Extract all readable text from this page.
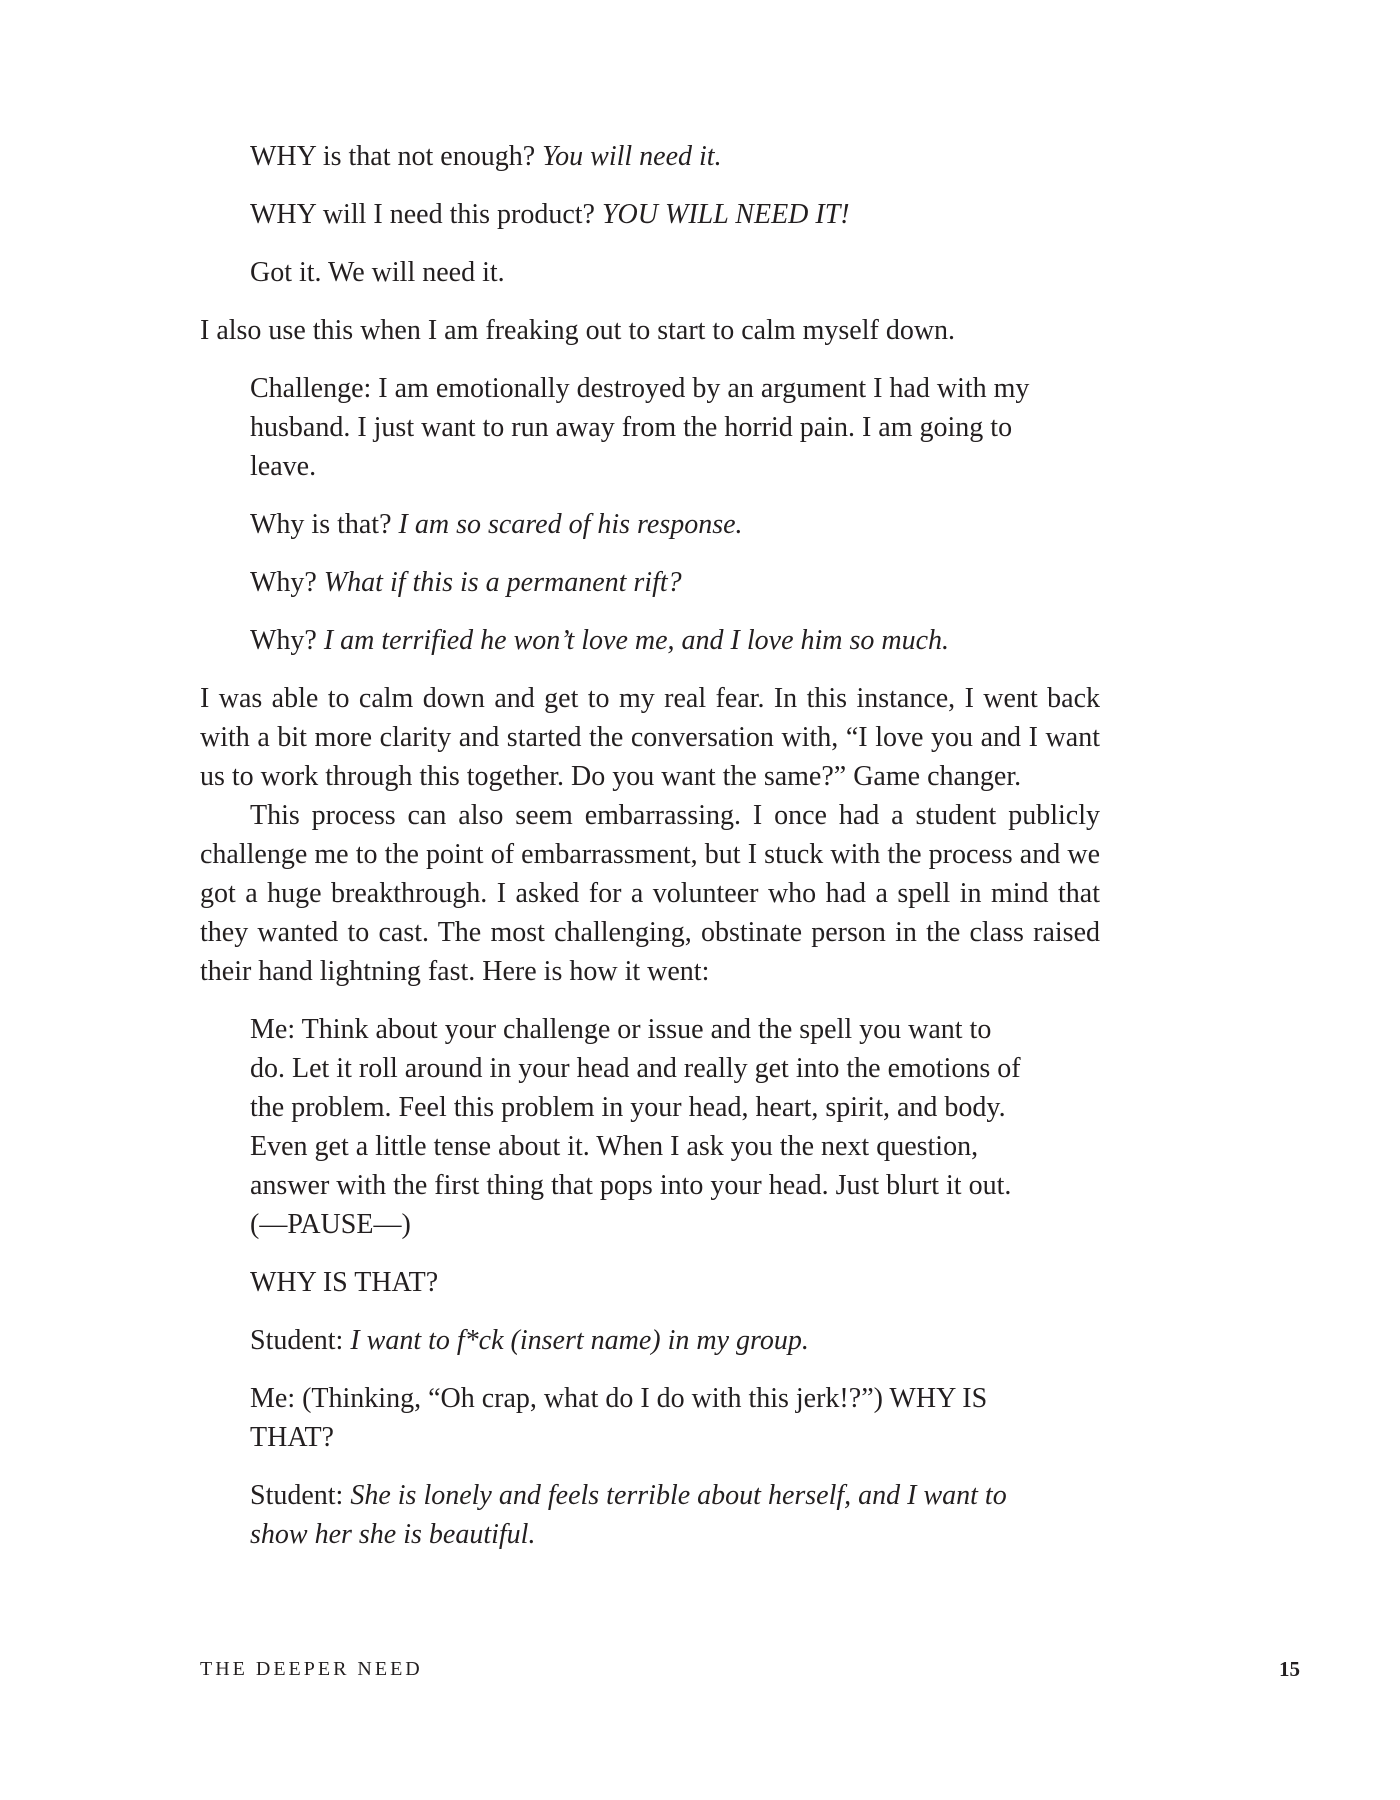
WHY is that not enough? You will need it.

WHY will I need this product? YOU WILL NEED IT!

Got it. We will need it.

I also use this when I am freaking out to start to calm myself down.

Challenge: I am emotionally destroyed by an argument I had with my husband. I just want to run away from the horrid pain. I am going to leave.

Why is that? I am so scared of his response.

Why? What if this is a permanent rift?

Why? I am terrified he won’t love me, and I love him so much.

I was able to calm down and get to my real fear. In this instance, I went back with a bit more clarity and started the conversation with, “I love you and I want us to work through this together. Do you want the same?” Game changer.

This process can also seem embarrassing. I once had a student publicly challenge me to the point of embarrassment, but I stuck with the process and we got a huge breakthrough. I asked for a volunteer who had a spell in mind that they wanted to cast. The most challenging, obstinate person in the class raised their hand lightning fast. Here is how it went:

Me: Think about your challenge or issue and the spell you want to do. Let it roll around in your head and really get into the emotions of the problem. Feel this problem in your head, heart, spirit, and body. Even get a little tense about it. When I ask you the next question, answer with the first thing that pops into your head. Just blurt it out.

(—PAUSE—)

WHY IS THAT?

Student: I want to f*ck (insert name) in my group.

Me: (Thinking, “Oh crap, what do I do with this jerk!?”) WHY IS THAT?

Student: She is lonely and feels terrible about herself, and I want to show her she is beautiful.

THE DEEPER NEED	15
